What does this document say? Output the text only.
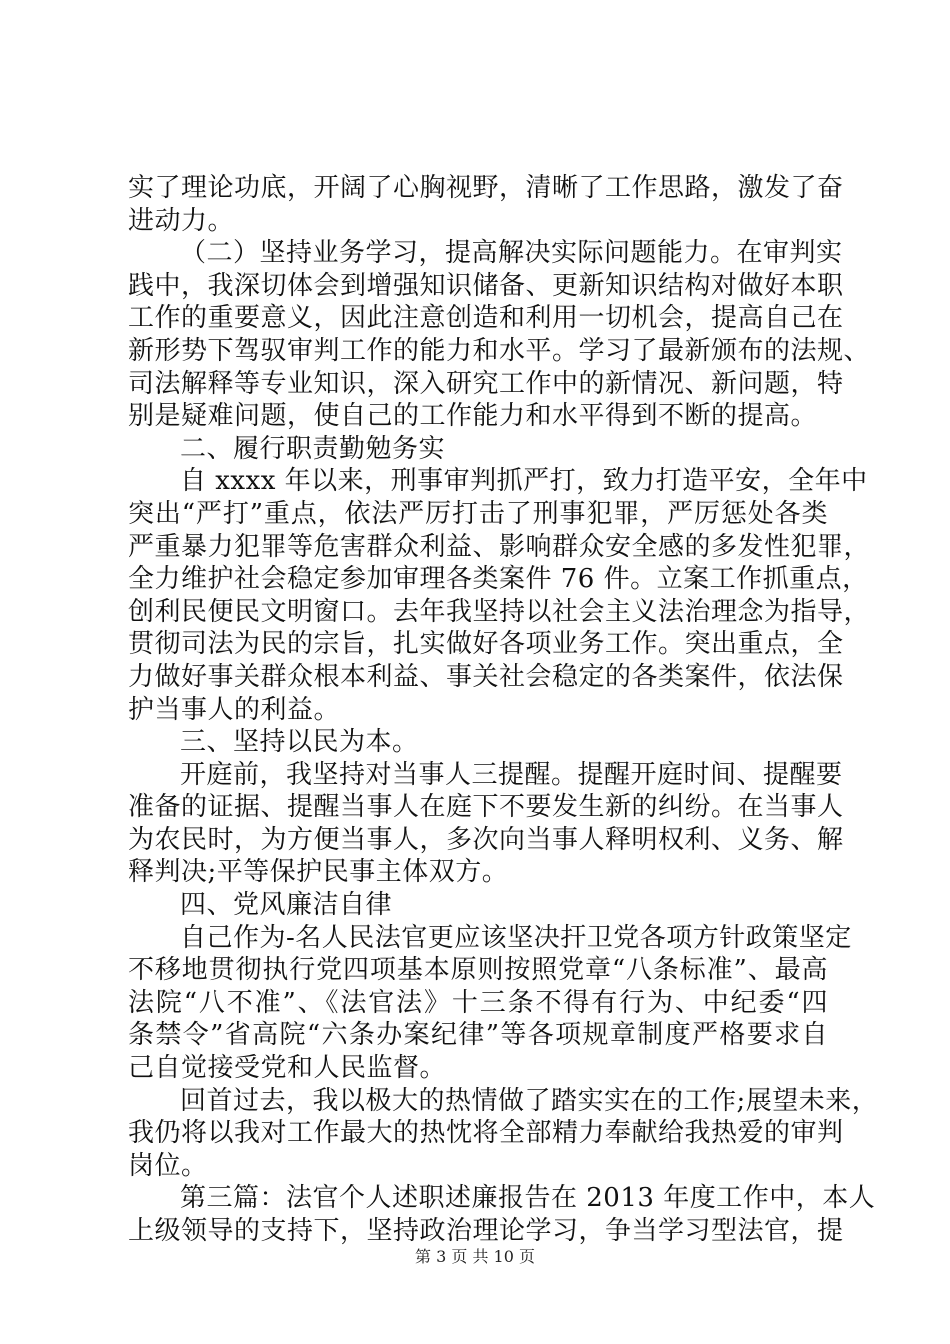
实了理论功底，开阔了心胸视野，清晰了工作思路，激发了奋
进动力。
（二）坚持业务学习，提高解决实际问题能力。在审判实
践中，我深切体会到增强知识储备、更新知识结构对做好本职
工作的重要意义，因此注意创造和利用一切机会，提高自己在
新形势下驾驭审判工作的能力和水平。学习了最新颁布的法规、
司法解释等专业知识，深入研究工作中的新情况、新问题，特
别是疑难问题，使自己的工作能力和水平得到不断的提高。
二、履行职责勤勉务实
自 xxxx 年以来，刑事审判抓严打，致力打造平安，全年中
突出“严打”重点，依法严厉打击了刑事犯罪，严厉惩处各类
严重暴力犯罪等危害群众利益、影响群众安全感的多发性犯罪，
全力维护社会稳定参加审理各类案件 76 件。立案工作抓重点，
创利民便民文明窗口。去年我坚持以社会主义法治理念为指导，
贯彻司法为民的宗旨，扎实做好各项业务工作。突出重点，全
力做好事关群众根本利益、事关社会稳定的各类案件，依法保
护当事人的利益。
三、坚持以民为本。
开庭前，我坚持对当事人三提醒。提醒开庭时间、提醒要
准备的证据、提醒当事人在庭下不要发生新的纠纷。在当事人
为农民时，为方便当事人，多次向当事人释明权利、义务、解
释判决;平等保护民事主体双方。
四、党风廉洁自律
自己作为-名人民法官更应该坚决扞卫党各项方针政策坚定
不移地贯彻执行党四项基本原则按照党章“八条标准”、最高
法院“八不准”、《法官法》十三条不得有行为、中纪委“四
条禁令”省高院“六条办案纪律”等各项规章制度严格要求自
己自觉接受党和人民监督。
回首过去，我以极大的热情做了踏实实在的工作;展望未来，
我仍将以我对工作最大的热忱将全部精力奉献给我热爱的审判
岗位。
第三篇：法官个人述职述廉报告在 2013 年度工作中，本人
上级领导的支持下，坚持政治理论学习，争当学习型法官，提
第 3 页 共 10 页
